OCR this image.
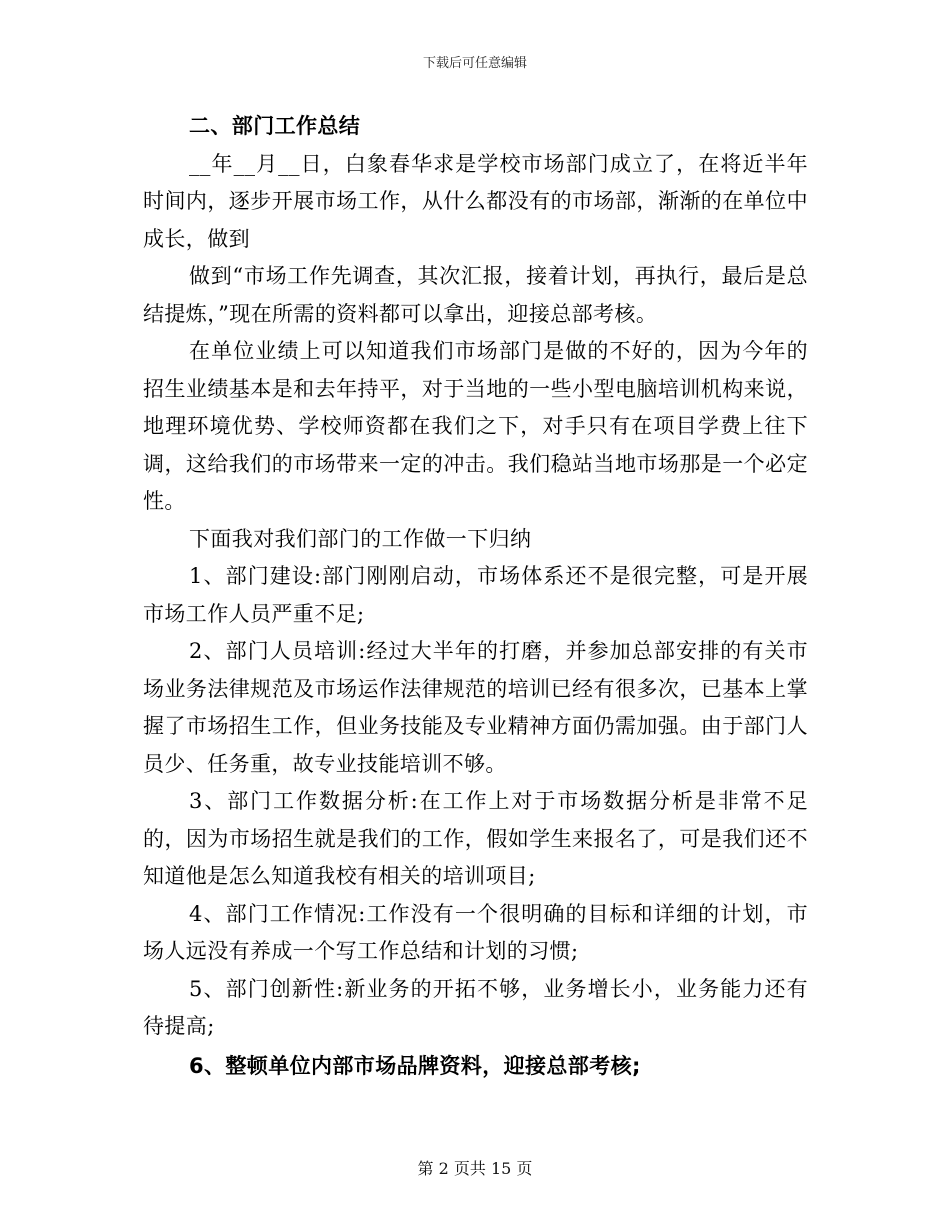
下载后可任意编辑

二、部门工作总结

__年__月__日，白象春华求是学校市场部门成立了，在将近半年时间内，逐步开展市场工作，从什么都没有的市场部，渐渐的在单位中成长，做到

做到“市场工作先调查，其次汇报，接着计划，再执行，最后是总结提炼，”现在所需的资料都可以拿出，迎接总部考核。

在单位业绩上可以知道我们市场部门是做的不好的，因为今年的招生业绩基本是和去年持平，对于当地的一些小型电脑培训机构来说，地理环境优势、学校师资都在我们之下，对手只有在项目学费上往下调，这给我们的市场带来一定的冲击。我们稳站当地市场那是一个必定性。

下面我对我们部门的工作做一下归纳

1、部门建设:部门刚刚启动，市场体系还不是很完整，可是开展市场工作人员严重不足;

2、部门人员培训:经过大半年的打磨，并参加总部安排的有关市场业务法律规范及市场运作法律规范的培训已经有很多次，已基本上掌握了市场招生工作，但业务技能及专业精神方面仍需加强。由于部门人员少、任务重，故专业技能培训不够。

3、部门工作数据分析:在工作上对于市场数据分析是非常不足的，因为市场招生就是我们的工作，假如学生来报名了，可是我们还不知道他是怎么知道我校有相关的培训项目;

4、部门工作情况:工作没有一个很明确的目标和详细的计划，市场人远没有养成一个写工作总结和计划的习惯;

5、部门创新性:新业务的开拓不够，业务增长小，业务能力还有待提高;

6、整顿单位内部市场品牌资料，迎接总部考核;

第 2 页共 15 页
